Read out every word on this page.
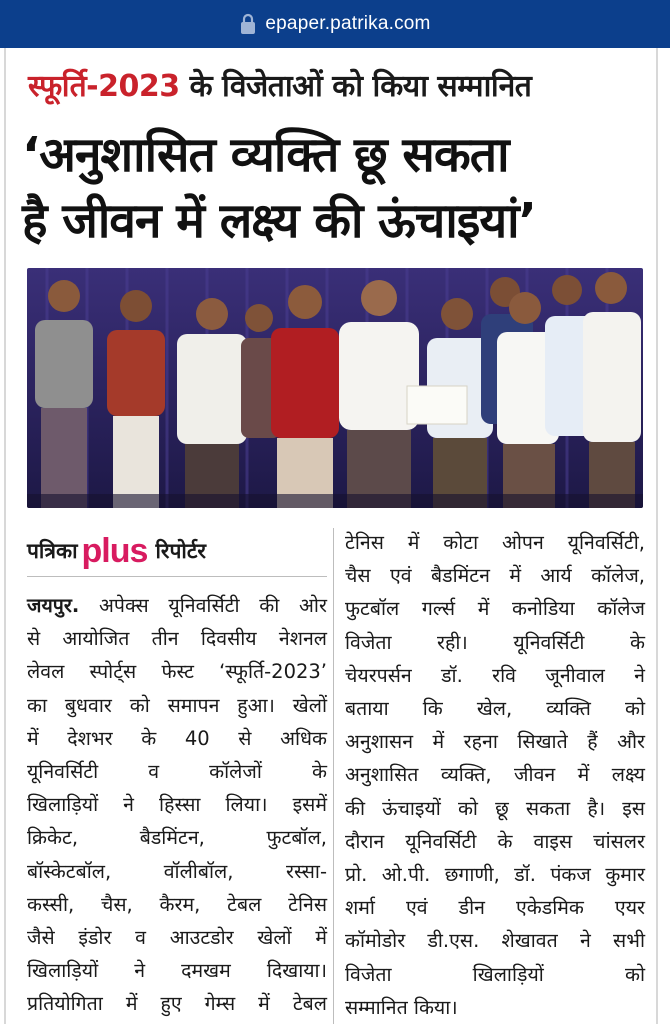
epaper.patrika.com
स्फूर्ति-2023 के विजेताओं को किया सम्मानित
‘अनुशासित व्यक्ति छू सकता
है जीवन में लक्ष्य की ऊंचाइयां’
पत्रिका plus रिपोर्टर
जयपुर. अपेक्स यूनिवर्सिटी की ओर
से आयोजित तीन दिवसीय नेशनल
लेवल स्पोर्ट्स फेस्ट ‘स्फूर्ति-2023’
का बुधवार को समापन हुआ। खेलों
में देशभर के 40 से अधिक
यूनिवर्सिटी व कॉलेजों के
खिलाड़ियों ने हिस्सा लिया। इसमें
क्रिकेट, बैडमिंटन, फुटबॉल,
बॉस्केटबॉल, वॉलीबॉल, रस्सा-
कस्सी, चैस, कैरम, टेबल टेनिस
जैसे इंडोर व आउटडोर खेलों में
खिलाड़ियों ने दमखम दिखाया।
प्रतियोगिता में हुए गेम्स में टेबल
टेनिस में कोटा ओपन यूनिवर्सिटी,
चैस एवं बैडमिंटन में आर्य कॉलेज,
फुटबॉल गर्ल्स में कनोडिया कॉलेज
विजेता रही। यूनिवर्सिटी के
चेयरपर्सन डॉ. रवि जूनीवाल ने
बताया कि खेल, व्यक्ति को
अनुशासन में रहना सिखाते हैं और
अनुशासित व्यक्ति, जीवन में लक्ष्य
की ऊंचाइयों को छू सकता है। इस
दौरान यूनिवर्सिटी के वाइस चांसलर
प्रो. ओ.पी. छगाणी, डॉ. पंकज कुमार
शर्मा एवं डीन एकेडमिक एयर
कॉमोडोर डी.एस. शेखावत ने सभी
विजेता खिलाड़ियों को
सम्मानित किया।
